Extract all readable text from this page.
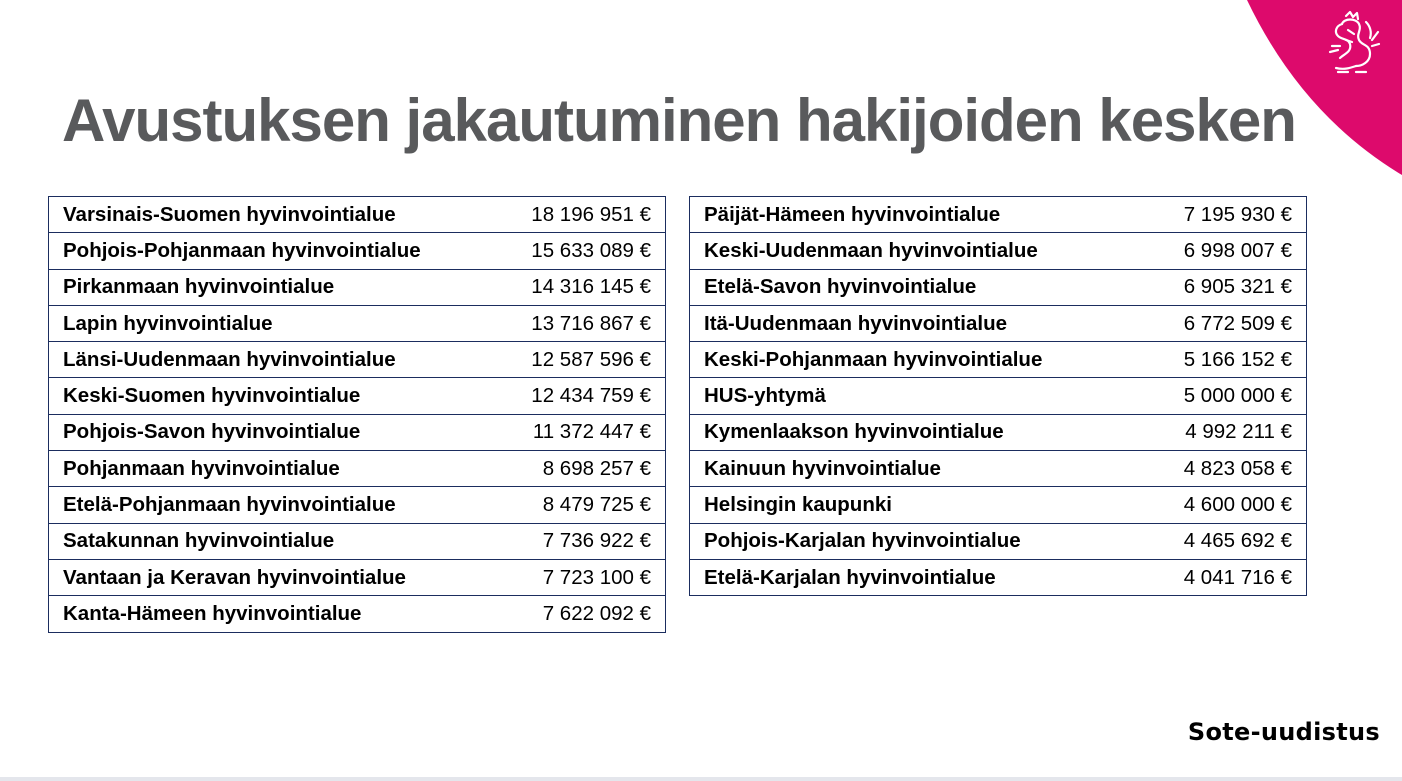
Avustuksen jakautuminen hakijoiden kesken
Varsinais-Suomen hyvinvointialue	18 196 951 €
Pohjois-Pohjanmaan hyvinvointialue	15 633 089 €
Pirkanmaan hyvinvointialue	14 316 145 €
Lapin hyvinvointialue	13 716 867 €
Länsi-Uudenmaan hyvinvointialue	12 587 596 €
Keski-Suomen hyvinvointialue	12 434 759 €
Pohjois-Savon hyvinvointialue	11 372 447 €
Pohjanmaan hyvinvointialue	8 698 257 €
Etelä-Pohjanmaan hyvinvointialue	8 479 725 €
Satakunnan hyvinvointialue	7 736 922 €
Vantaan ja Keravan hyvinvointialue	7 723 100 €
Kanta-Hämeen hyvinvointialue	7 622 092 €
Päijät-Hämeen hyvinvointialue	7 195 930 €
Keski-Uudenmaan hyvinvointialue	6 998 007 €
Etelä-Savon hyvinvointialue	6 905 321 €
Itä-Uudenmaan hyvinvointialue	6 772 509 €
Keski-Pohjanmaan hyvinvointialue	5 166 152 €
HUS-yhtymä	5 000 000 €
Kymenlaakson hyvinvointialue	4 992 211 €
Kainuun hyvinvointialue	4 823 058 €
Helsingin kaupunki	4 600 000 €
Pohjois-Karjalan hyvinvointialue	4 465 692 €
Etelä-Karjalan hyvinvointialue	4 041 716 €
Sote-uudistus
